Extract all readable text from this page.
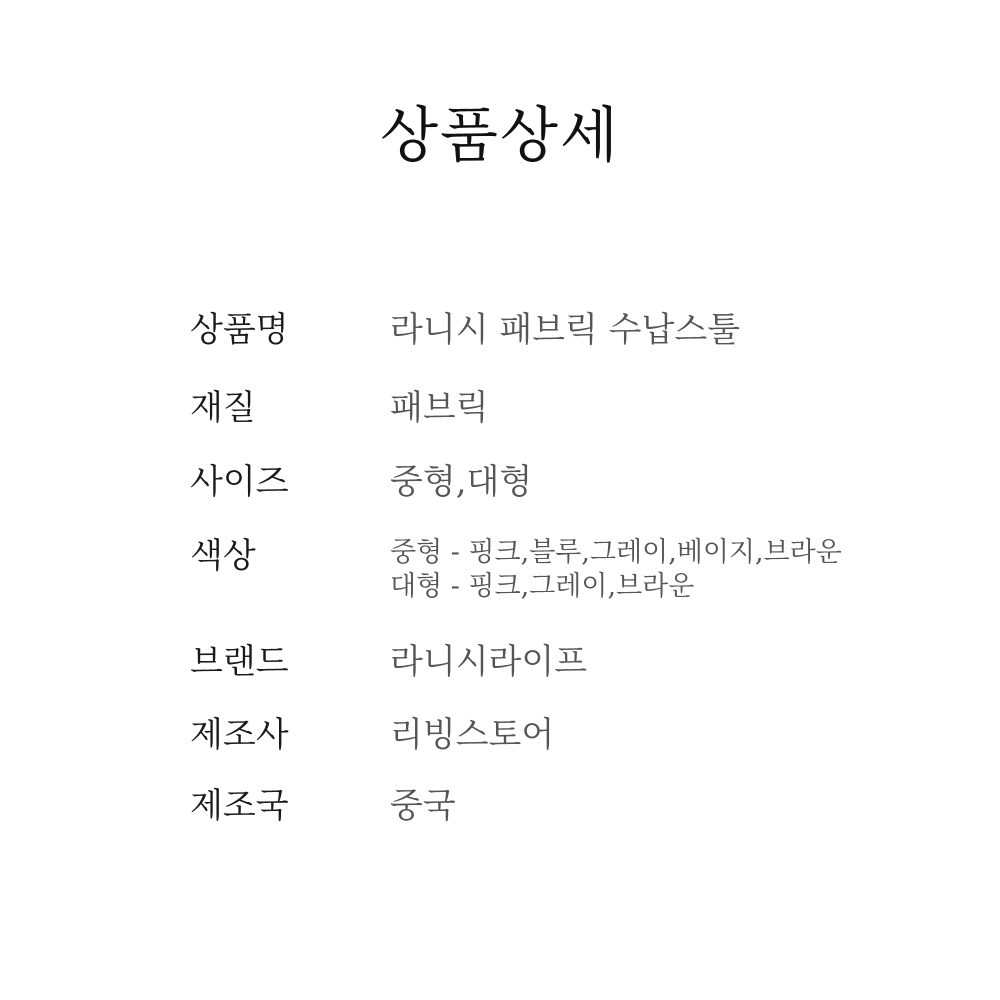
상품상세
상품명	라니시 패브릭 수납스툴
재질	패브릭
사이즈	중형,대형
색상	중형 - 핑크,블루,그레이,베이지,브라운
대형 - 핑크,그레이,브라운
브랜드	라니시라이프
제조사	리빙스토어
제조국	중국
